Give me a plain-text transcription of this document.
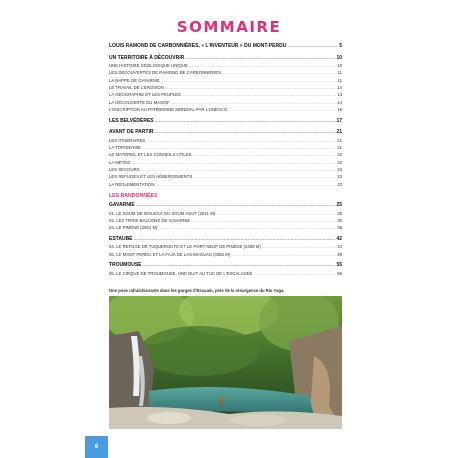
SOMMAIRE
LOUIS RAMOND DE CARBONNIÈRES, « L'INVENTEUR » DU MONT-PERDU .....	5
UN TERRITOIRE À DÉCOUVRIR .....	10
UNE HISTOIRE GÉOLOGIQUE UNIQUE .....	10
LES DÉCOUVERTES DE RAMOND DE CARBONNIÈRES .....	11
LA NAPPE DE GAVARNIE .....	11
LE TRAVAIL DE L'ÉROSION .....	14
LA GÉOGRAPHIE ET LES PEUPLES .....	14
LA DÉCOUVERTE DU MASSIF .....	14
L'INSCRIPTION AU PATRIMOINE MONDIAL PAR L'UNESCO .....	16
LES BELVÉDÈRES .....	17
AVANT DE PARTIR .....	21
LES ITINÉRAIRES .....	21
LA TOPONYMIE .....	21
LE MATÉRIEL ET LES CONSEILS UTILES .....	22
LA MÉTÉO .....	22
LES SECOURS .....	22
LES REFUGES ET LES HÉBERGEMENTS .....	23
LA RÉGLEMENTATION .....	23
LES RANDONNÉES
GAVARNIE .....	25
01. LE SOUM DE MOUSCA OU SOUM AGUT (2011 M) .....	26
02. LES TROIS BALCONS DE GAVARNIE .....	30
03. LE PIMÉNÉ (2801 M) .....	35
ESTAUBÉ .....	42
04. LE REFUGE DE TUQUEROUYE ET LE PORT NEUF DE PINÈDE (2488 M) .....	44
05. LE MONT PERDU ET LA FAJA DE LAS MAGUAS (3355 M) .....	49
TROUMOUSE .....	55
06. LE CIRQUE DE TROUMOUSE, UNE NUIT AU TUC DE L'ESCALADÉE .....	56
Une pose rafraîchissante dans les gorges d'Escuaín, près de la résurgence du Río Yaga.
6
